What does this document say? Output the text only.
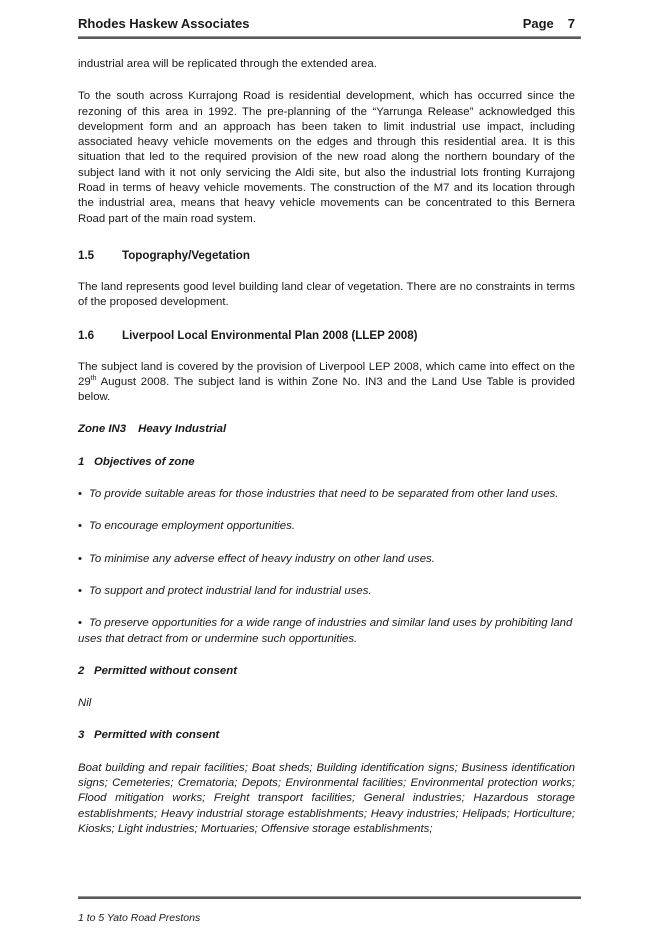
Rhodes Haskew Associates	Page 7

industrial area will be replicated through the extended area.

To the south across Kurrajong Road is residential development, which has occurred since the rezoning of this area in 1992. The pre-planning of the “Yarrunga Release” acknowledged this development form and an approach has been taken to limit industrial use impact, including associated heavy vehicle movements on the edges and through this residential area. It is this situation that led to the required provision of the new road along the northern boundary of the subject land with it not only servicing the Aldi site, but also the industrial lots fronting Kurrajong Road in terms of heavy vehicle movements. The construction of the M7 and its location through the industrial area, means that heavy vehicle movements can be concentrated to this Bernera Road part of the main road system.

1.5 Topography/Vegetation

The land represents good level building land clear of vegetation. There are no constraints in terms of the proposed development.

1.6 Liverpool Local Environmental Plan 2008 (LLEP 2008)

The subject land is covered by the provision of Liverpool LEP 2008, which came into effect on the 29th August 2008. The subject land is within Zone No. IN3 and the Land Use Table is provided below.

Zone IN3 Heavy Industrial

1 Objectives of zone

• To provide suitable areas for those industries that need to be separated from other land uses.

• To encourage employment opportunities.

• To minimise any adverse effect of heavy industry on other land uses.

• To support and protect industrial land for industrial uses.

• To preserve opportunities for a wide range of industries and similar land uses by prohibiting land uses that detract from or undermine such opportunities.

2 Permitted without consent

Nil

3 Permitted with consent

Boat building and repair facilities; Boat sheds; Building identification signs; Business identification signs; Cemeteries; Crematoria; Depots; Environmental facilities; Environmental protection works; Flood mitigation works; Freight transport facilities; General industries; Hazardous storage establishments; Heavy industrial storage establishments; Heavy industries; Helipads; Horticulture; Kiosks; Light industries; Mortuaries; Offensive storage establishments;

1 to 5 Yato Road Prestons
